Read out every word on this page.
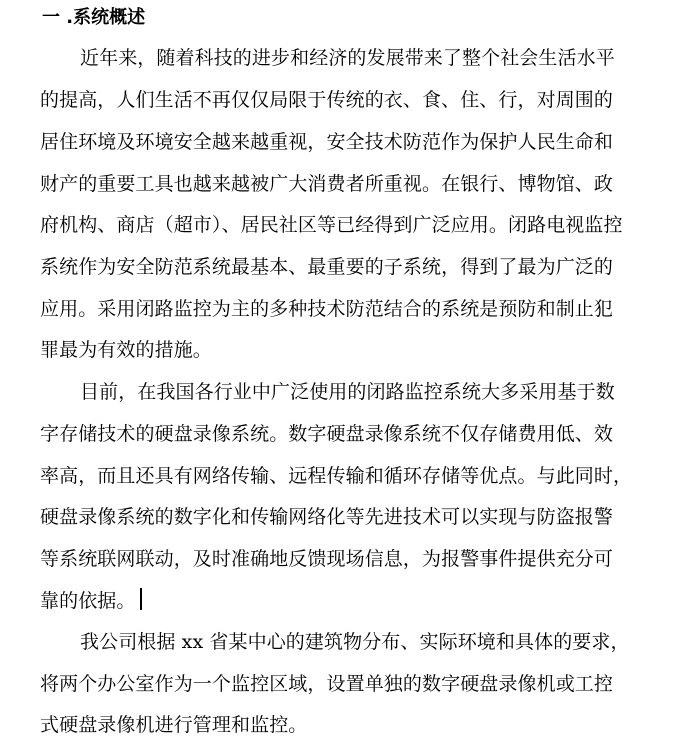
一 .系统概述
近年来，随着科技的进步和经济的发展带来了整个社会生活水平
的提高，人们生活不再仅仅局限于传统的衣、食、住、行，对周围的
居住环境及环境安全越来越重视，安全技术防范作为保护人民生命和
财产的重要工具也越来越被广大消费者所重视。在银行、博物馆、政
府机构、商店（超市）、居民社区等已经得到广泛应用。闭路电视监控
系统作为安全防范系统最基本、最重要的子系统，得到了最为广泛的
应用。采用闭路监控为主的多种技术防范结合的系统是预防和制止犯
罪最为有效的措施。
目前，在我国各行业中广泛使用的闭路监控系统大多采用基于数
字存储技术的硬盘录像系统。数字硬盘录像系统不仅存储费用低、效
率高，而且还具有网络传输、远程传输和循环存储等优点。与此同时，
硬盘录像系统的数字化和传输网络化等先进技术可以实现与防盗报警
等系统联网联动，及时准确地反馈现场信息，为报警事件提供充分可
靠的依据。
我公司根据 xx 省某中心的建筑物分布、实际环境和具体的要求，
将两个办公室作为一个监控区域，设置单独的数字硬盘录像机或工控
式硬盘录像机进行管理和监控。
